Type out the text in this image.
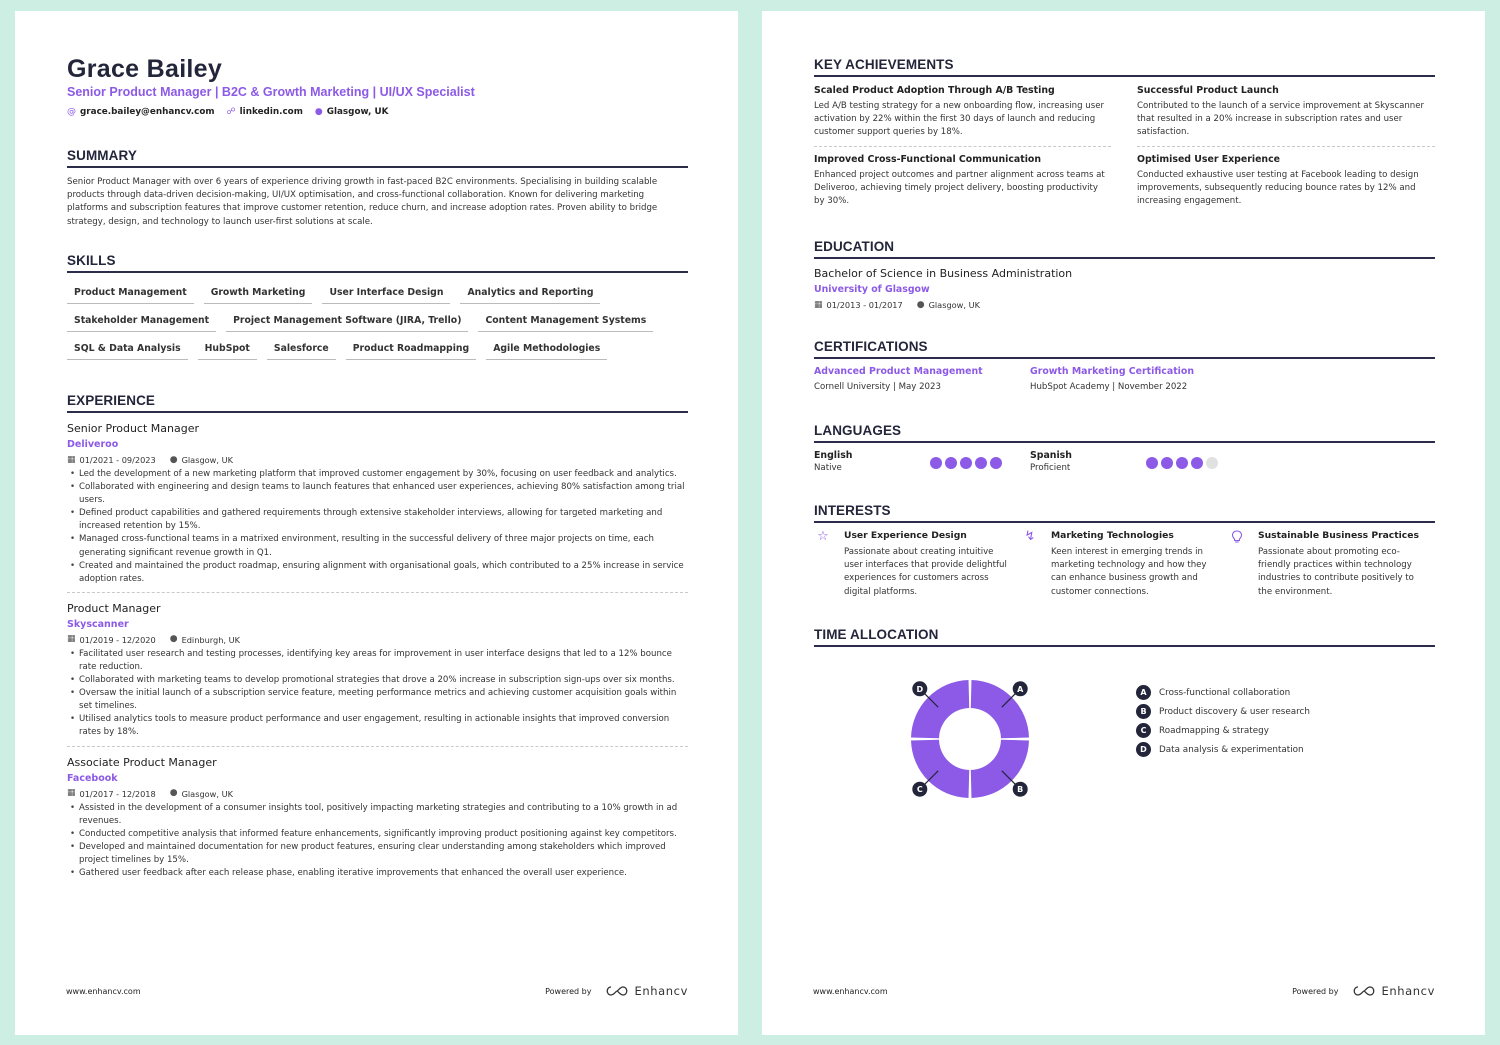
Grace Bailey
Senior Product Manager | B2C & Growth Marketing | UI/UX Specialist
@ grace.bailey@enhancv.com ☍ linkedin.com ● Glasgow, UK
SUMMARY
Senior Product Manager with over 6 years of experience driving growth in fast-paced B2C environments. Specialising in building scalable products through data-driven decision-making, UI/UX optimisation, and cross-functional collaboration. Known for delivering marketing platforms and subscription features that improve customer retention, reduce churn, and increase adoption rates. Proven ability to bridge strategy, design, and technology to launch user-first solutions at scale.
SKILLS
Product Management	Growth Marketing	User Interface Design	Analytics and Reporting
Stakeholder Management	Project Management Software (JIRA, Trello)	Content Management Systems
SQL & Data Analysis	HubSpot	Salesforce	Product Roadmapping	Agile Methodologies
EXPERIENCE
Senior Product Manager
Deliveroo
▦ 01/2021 - 09/2023 ● Glasgow, UK
• Led the development of a new marketing platform that improved customer engagement by 30%, focusing on user feedback and analytics.
• Collaborated with engineering and design teams to launch features that enhanced user experiences, achieving 80% satisfaction among trial users.
• Defined product capabilities and gathered requirements through extensive stakeholder interviews, allowing for targeted marketing and increased retention by 15%.
• Managed cross-functional teams in a matrixed environment, resulting in the successful delivery of three major projects on time, each generating significant revenue growth in Q1.
• Created and maintained the product roadmap, ensuring alignment with organisational goals, which contributed to a 25% increase in service adoption rates.
Product Manager
Skyscanner
▦ 01/2019 - 12/2020 ● Edinburgh, UK
• Facilitated user research and testing processes, identifying key areas for improvement in user interface designs that led to a 12% bounce rate reduction.
• Collaborated with marketing teams to develop promotional strategies that drove a 20% increase in subscription sign-ups over six months.
• Oversaw the initial launch of a subscription service feature, meeting performance metrics and achieving customer acquisition goals within set timelines.
• Utilised analytics tools to measure product performance and user engagement, resulting in actionable insights that improved conversion rates by 18%.
Associate Product Manager
Facebook
▦ 01/2017 - 12/2018 ● Glasgow, UK
• Assisted in the development of a consumer insights tool, positively impacting marketing strategies and contributing to a 10% growth in ad revenues.
• Conducted competitive analysis that informed feature enhancements, significantly improving product positioning against key competitors.
• Developed and maintained documentation for new product features, ensuring clear understanding among stakeholders which improved project timelines by 15%.
• Gathered user feedback after each release phase, enabling iterative improvements that enhanced the overall user experience.
www.enhancv.com	Powered by	Enhancv
KEY ACHIEVEMENTS
Scaled Product Adoption Through A/B Testing
Led A/B testing strategy for a new onboarding flow, increasing user activation by 22% within the first 30 days of launch and reducing customer support queries by 18%.
Successful Product Launch
Contributed to the launch of a service improvement at Skyscanner that resulted in a 20% increase in subscription rates and user satisfaction.
Improved Cross-Functional Communication
Enhanced project outcomes and partner alignment across teams at Deliveroo, achieving timely project delivery, boosting productivity by 30%.
Optimised User Experience
Conducted exhaustive user testing at Facebook leading to design improvements, subsequently reducing bounce rates by 12% and increasing engagement.
EDUCATION
Bachelor of Science in Business Administration
University of Glasgow
▦ 01/2013 - 01/2017 ● Glasgow, UK
CERTIFICATIONS
Advanced Product Management
Cornell University | May 2023
Growth Marketing Certification
HubSpot Academy | November 2022
LANGUAGES
English
Native
Spanish
Proficient
INTERESTS
☆	User Experience Design
Passionate about creating intuitive user interfaces that provide delightful experiences for customers across digital platforms.
↯	Marketing Technologies
Keen interest in emerging trends in marketing technology and how they can enhance business growth and customer connections.
Sustainable Business Practices
Passionate about promoting eco-friendly practices within technology industries to contribute positively to the environment.
TIME ALLOCATION
A
B
C
D	A	Cross-functional collaboration
B	Product discovery & user research
C	Roadmapping & strategy
D	Data analysis & experimentation
www.enhancv.com	Powered by	Enhancv
